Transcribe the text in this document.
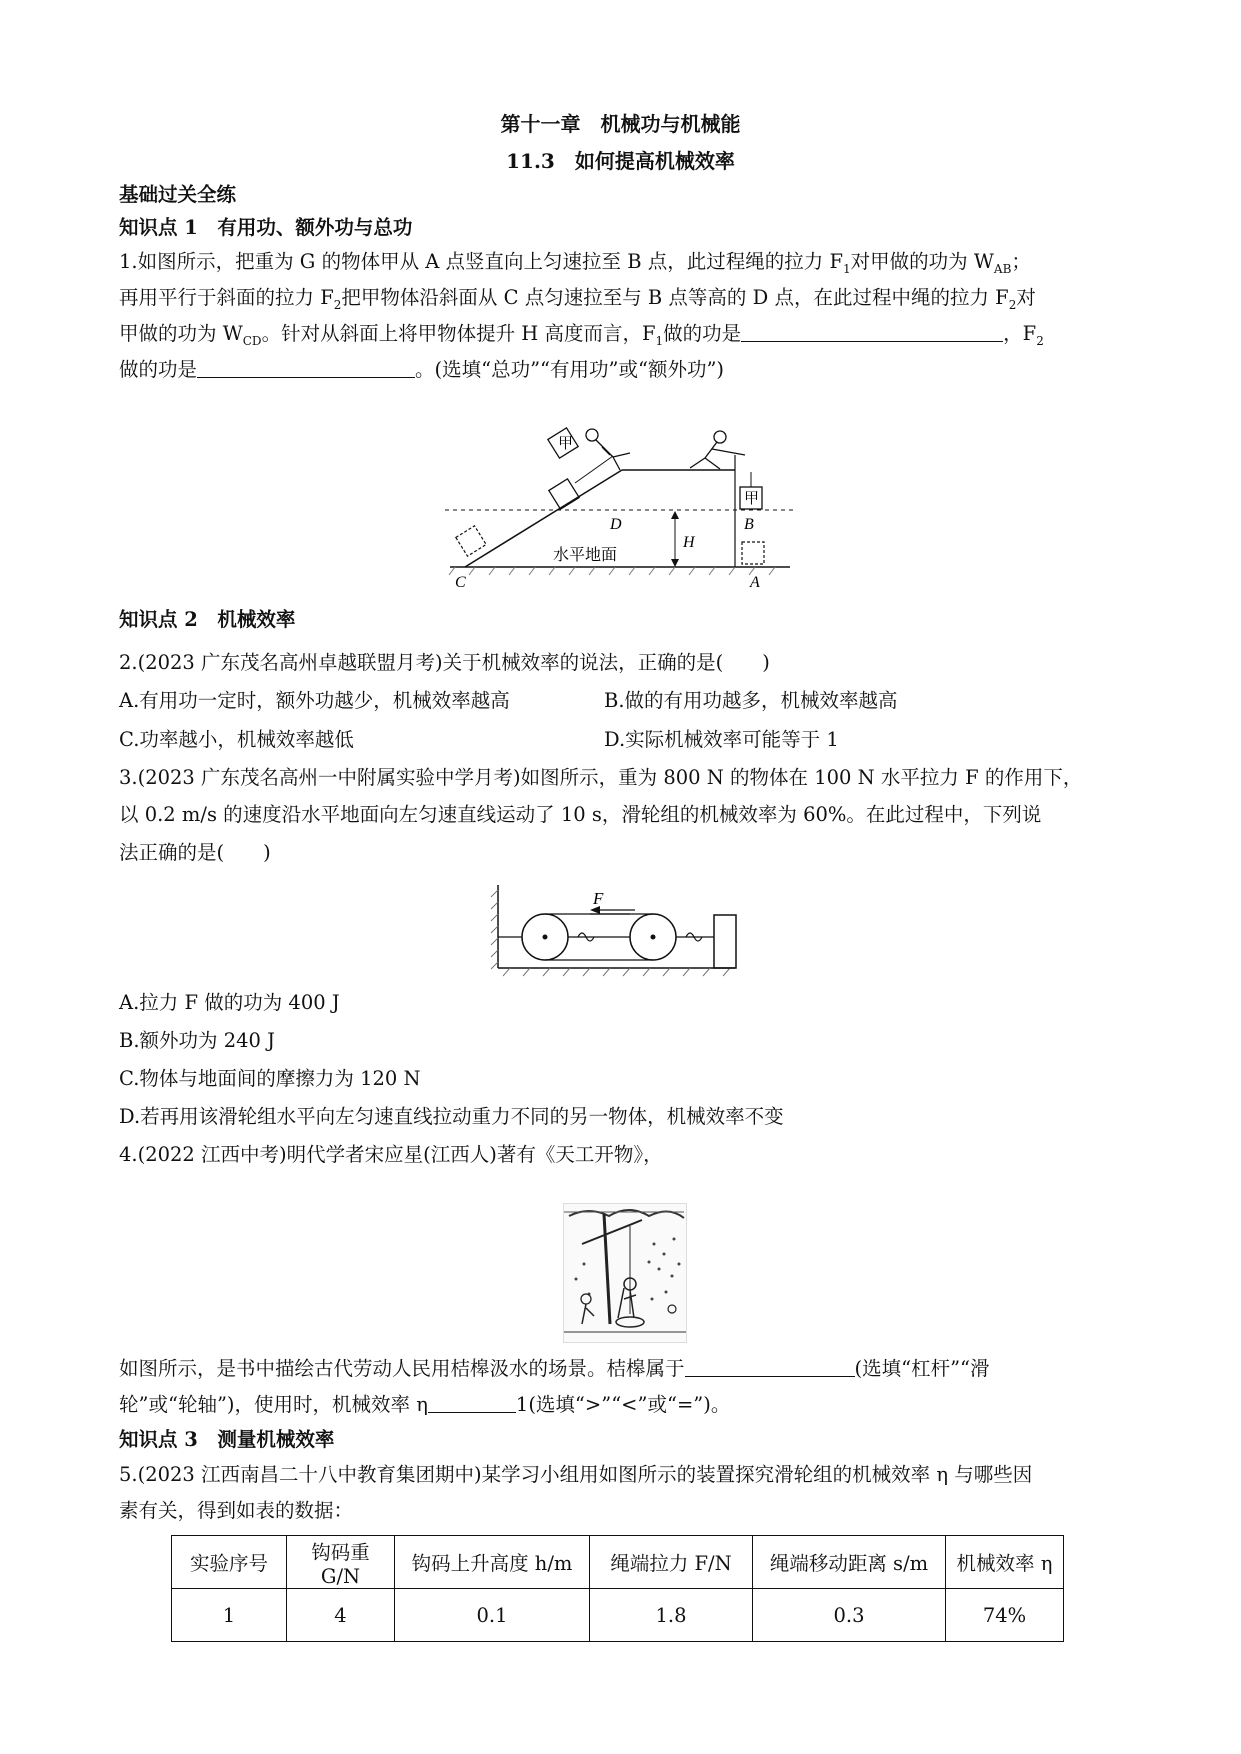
第十一章　机械功与机械能
11.3　如何提高机械效率
基础过关全练
知识点 1　有用功、额外功与总功
1.如图所示，把重为 G 的物体甲从 A 点竖直向上匀速拉至 B 点，此过程绳的拉力 $F_1$对甲做的功为 $W_{AB}$；
再用平行于斜面的拉力 $F_2$把甲物体沿斜面从 C 点匀速拉至与 B 点等高的 D 点，在此过程中绳的拉力 $F_2$对
甲做的功为 $W_{CD}$。针对从斜面上将甲物体提升 H 高度而言，$F_1$做的功是	，$F_2$
做的功是	。(选填“总功”“有用功”或“额外功”)
甲
甲
D	B
H
C	A
水平地面
知识点 2　机械效率
2.(2023 广东茂名高州卓越联盟月考)关于机械效率的说法，正确的是(　　)
A.有用功一定时，额外功越少，机械效率越高	B.做的有用功越多，机械效率越高
C.功率越小，机械效率越低	D.实际机械效率可能等于 1
3.(2023 广东茂名高州一中附属实验中学月考)如图所示，重为 800 N 的物体在 100 N 水平拉力 F 的作用下，
以 0.2 m/s 的速度沿水平地面向左匀速直线运动了 10 s，滑轮组的机械效率为 60%。在此过程中，下列说
法正确的是(　　)
F
A.拉力 F 做的功为 400 J
B.额外功为 240 J
C.物体与地面间的摩擦力为 120 N
D.若再用该滑轮组水平向左匀速直线拉动重力不同的另一物体，机械效率不变
4.(2022 江西中考)明代学者宋应星(江西人)著有《天工开物》，
如图所示，是书中描绘古代劳动人民用桔槔汲水的场景。桔槔属于	(选填“杠杆”“滑
轮”或“轮轴”)，使用时，机械效率 η	1(选填“>”“<”或“=”)。
知识点 3　测量机械效率
5.(2023 江西南昌二十八中教育集团期中)某学习小组用如图所示的装置探究滑轮组的机械效率 η 与哪些因
素有关，得到如表的数据：
实验序号	钩码重 G/N	钩码上升高度 h/m	绳端拉力 F/N	绳端移动距离 s/m	机械效率 η
1	4	0.1	1.8	0.3	74%
